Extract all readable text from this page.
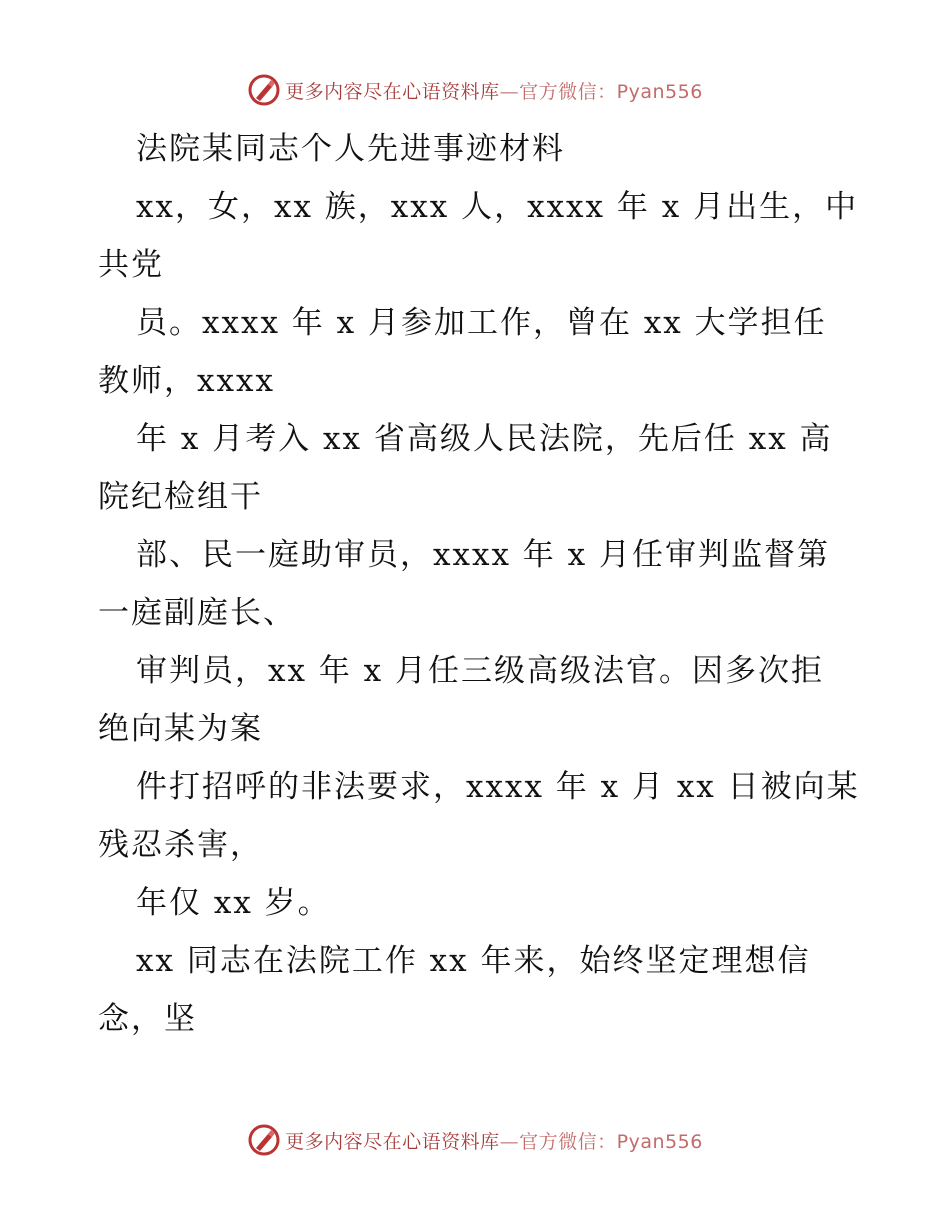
更多内容尽在心语资料库—官方微信：Pyan556
法院某同志个人先进事迹材料
xx，女，xx 族，xxx 人，xxxx 年 x 月出生，中
共党
员。xxxx 年 x 月参加工作，曾在 xx 大学担任
教师，xxxx
年 x 月考入 xx 省高级人民法院，先后任 xx 高
院纪检组干
部、民一庭助审员，xxxx 年 x 月任审判监督第
一庭副庭长、
审判员，xx 年 x 月任三级高级法官。因多次拒
绝向某为案
件打招呼的非法要求，xxxx 年 x 月 xx 日被向某
残忍杀害，
年仅 xx 岁。
xx 同志在法院工作 xx 年来，始终坚定理想信
念，坚
更多内容尽在心语资料库—官方微信：Pyan556
